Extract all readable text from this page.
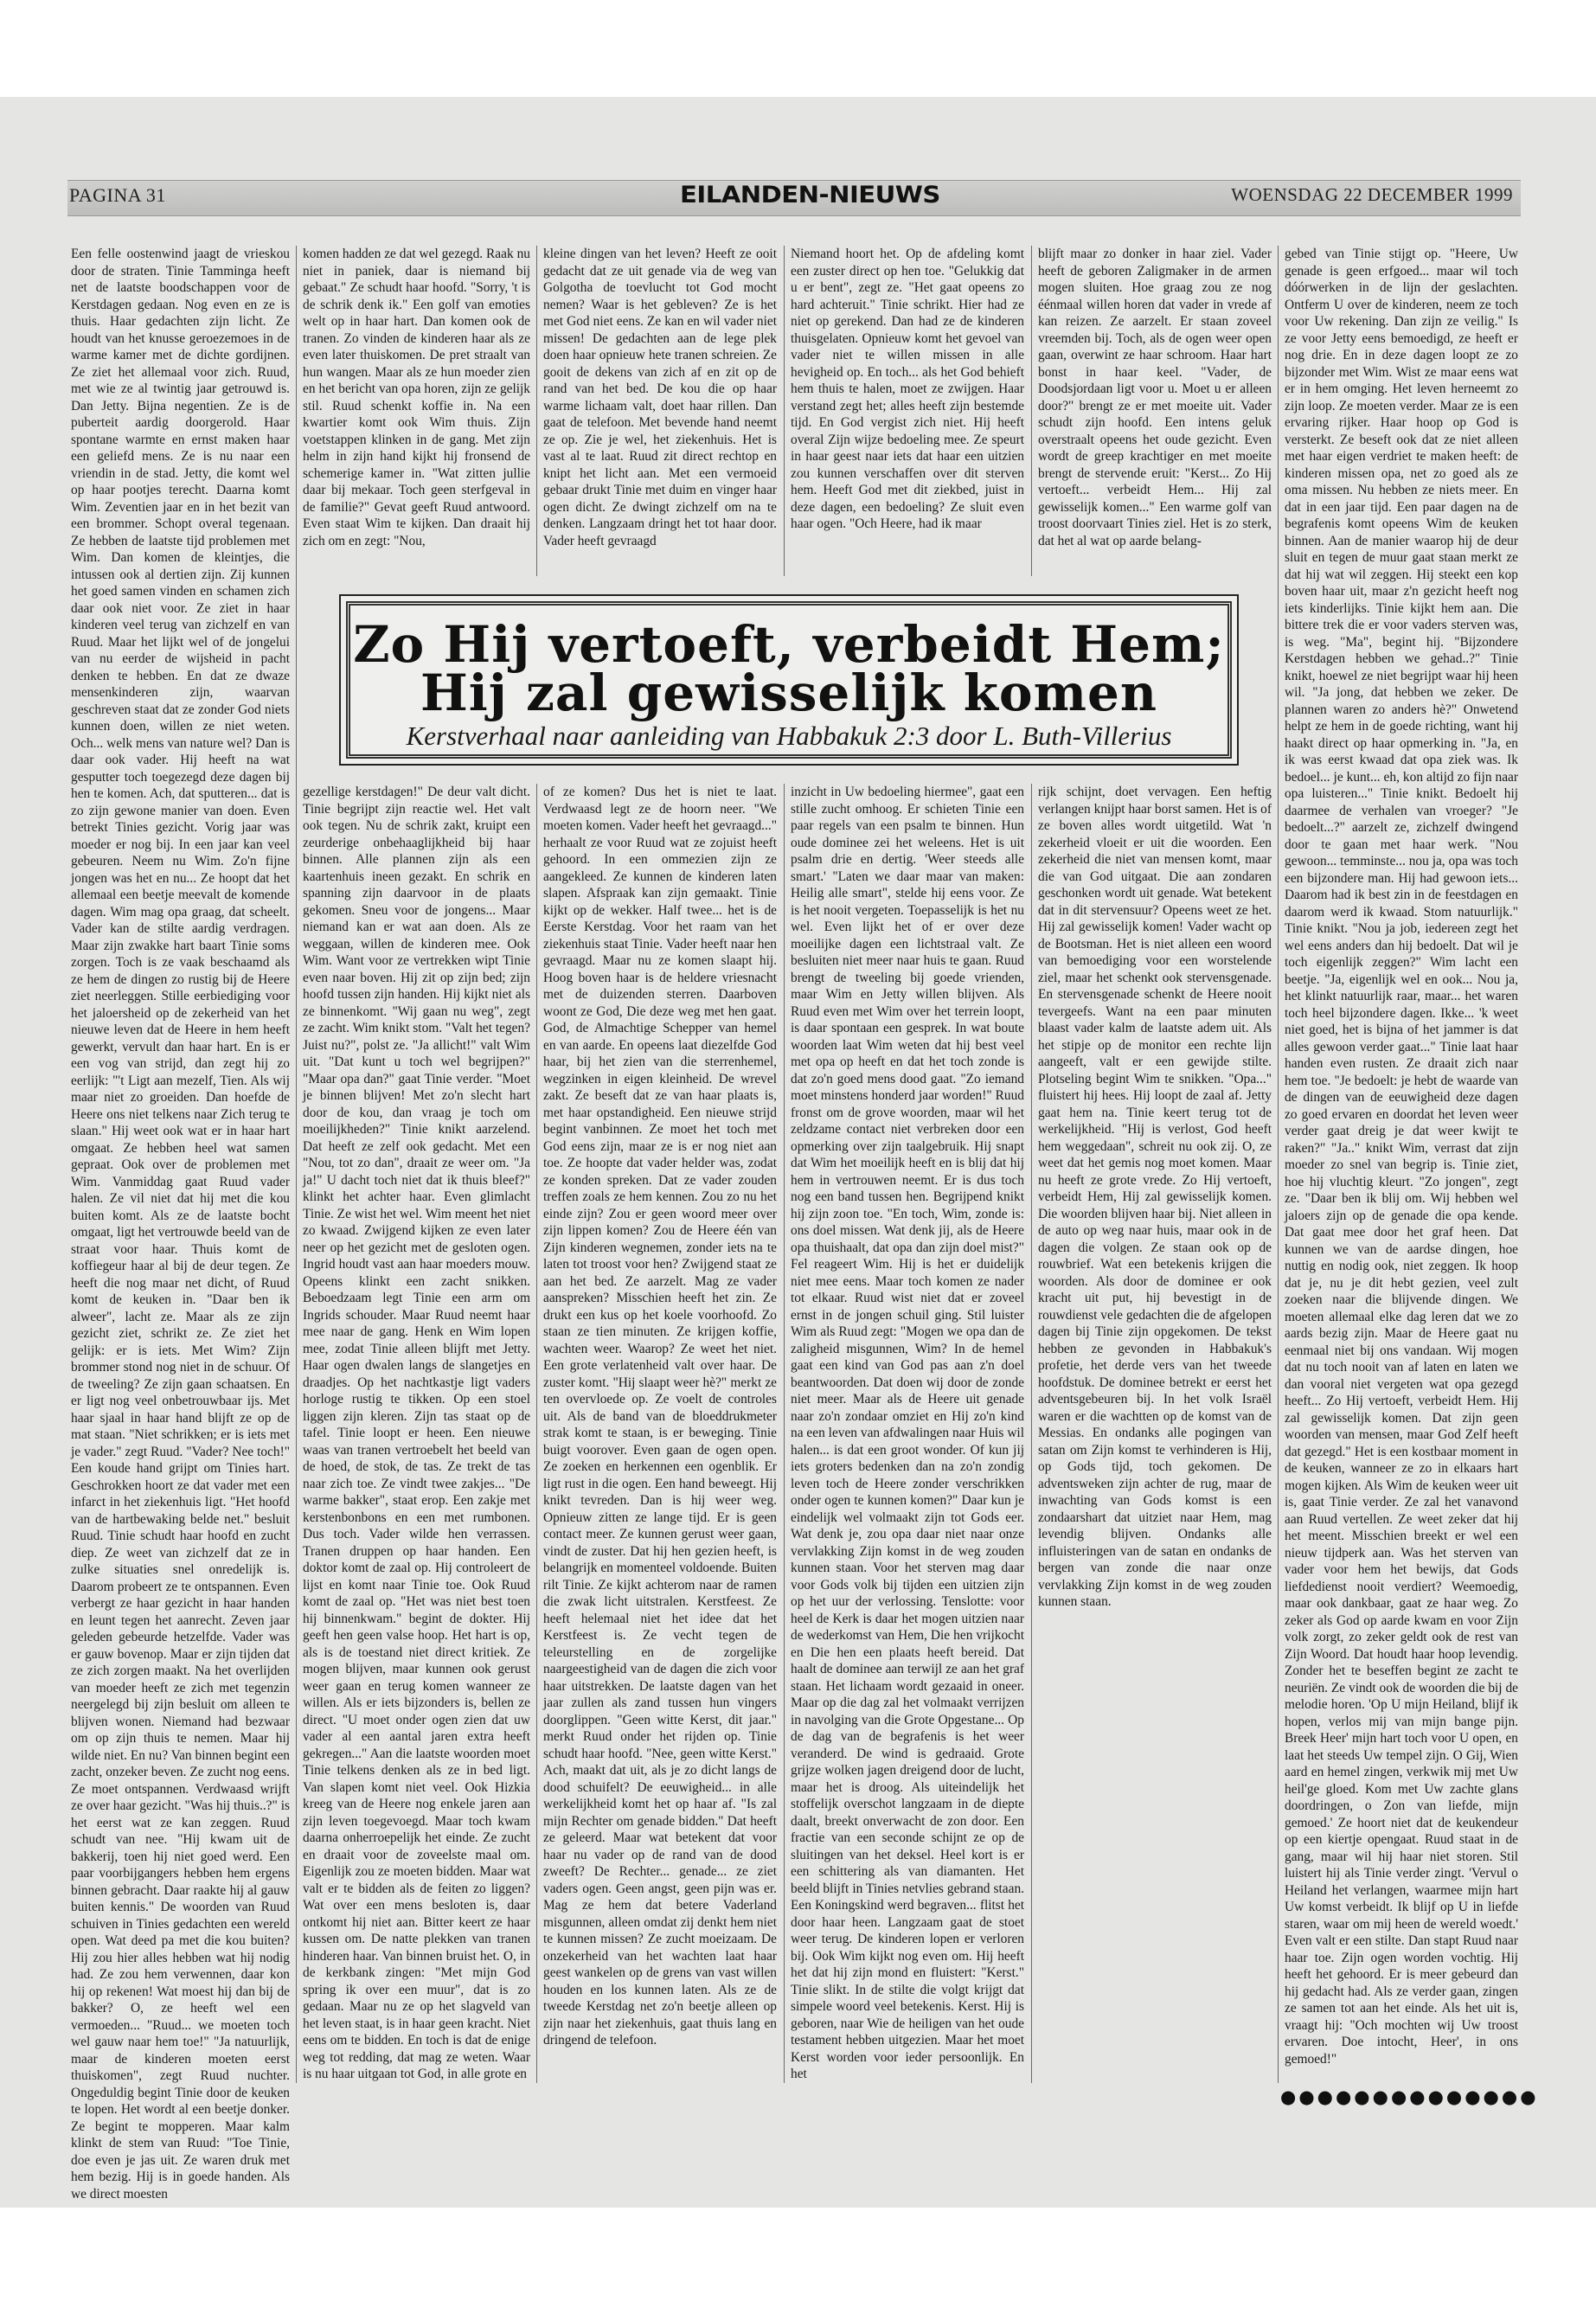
PAGINA 31	EILANDEN-NIEUWS	WOENSDAG 22 DECEMBER 1999
Een felle oostenwind jaagt de vrieskou door de straten. Tinie Tamminga heeft net de laatste boodschappen voor de Kerstdagen gedaan. Nog even en ze is thuis. Haar gedachten zijn licht. Ze houdt van het knusse geroezemoes in de warme kamer met de dichte gordijnen. Ze ziet het allemaal voor zich. Ruud, met wie ze al twintig jaar getrouwd is. Dan Jetty. Bijna negentien. Ze is de puberteit aardig doorgerold. Haar spontane warmte en ernst maken haar een geliefd mens. Ze is nu naar een vriendin in de stad. Jetty, die komt wel op haar pootjes terecht. Daarna komt Wim. Zeventien jaar en in het bezit van een brommer. Schopt overal tegenaan. Ze hebben de laatste tijd problemen met Wim. Dan komen de kleintjes, die intussen ook al dertien zijn. Zij kunnen het goed samen vinden en schamen zich daar ook niet voor. Ze ziet in haar kinderen veel terug van zichzelf en van Ruud. Maar het lijkt wel of de jongelui van nu eerder de wijsheid in pacht denken te hebben. En dat ze dwaze mensenkinderen zijn, waarvan geschreven staat dat ze zonder God niets kunnen doen, willen ze niet weten. Och... welk mens van nature wel? Dan is daar ook vader. Hij heeft na wat gesputter toch toegezegd deze dagen bij hen te komen. Ach, dat sputteren... dat is zo zijn gewone manier van doen. Even betrekt Tinies gezicht. Vorig jaar was moeder er nog bij. In een jaar kan veel gebeuren. Neem nu Wim. Zo'n fijne jongen was het en nu... Ze hoopt dat het allemaal een beetje meevalt de komende dagen. Wim mag opa graag, dat scheelt. Vader kan de stilte aardig verdragen. Maar zijn zwakke hart baart Tinie soms zorgen. Toch is ze vaak beschaamd als ze hem de dingen zo rustig bij de Heere ziet neerleggen. Stille eerbiediging voor het jaloersheid op de zekerheid van het nieuwe leven dat de Heere in hem heeft gewerkt, vervult dan haar hart. En is er een vog van strijd, dan zegt hij zo eerlijk: "'t Ligt aan mezelf, Tien. Als wij maar niet zo groeiden. Dan hoefde de Heere ons niet telkens naar Zich terug te slaan." Hij weet ook wat er in haar hart omgaat. Ze hebben heel wat samen gepraat. Ook over de problemen met Wim. Vanmiddag gaat Ruud vader halen. Ze vil niet dat hij met die kou buiten komt. Als ze de laatste bocht omgaat, ligt het vertrouwde beeld van de straat voor haar. Thuis komt de koffiegeur haar al bij de deur tegen. Ze heeft die nog maar net dicht, of Ruud komt de keuken in. "Daar ben ik alweer", lacht ze. Maar als ze zijn gezicht ziet, schrikt ze. Ze ziet het gelijk: er is iets. Met Wim? Zijn brommer stond nog niet in de schuur. Of de tweeling? Ze zijn gaan schaatsen. En er ligt nog veel onbetrouwbaar ijs. Met haar sjaal in haar hand blijft ze op de mat staan. "Niet schrikken; er is iets met je vader." zegt Ruud. "Vader? Nee toch!" Een koude hand grijpt om Tinies hart. Geschrokken hoort ze dat vader met een infarct in het ziekenhuis ligt. "Het hoofd van de hartbewaking belde net." besluit Ruud. Tinie schudt haar hoofd en zucht diep. Ze weet van zichzelf dat ze in zulke situaties snel onredelijk is. Daarom probeert ze te ontspannen. Even verbergt ze haar gezicht in haar handen en leunt tegen het aanrecht. Zeven jaar geleden gebeurde hetzelfde. Vader was er gauw bovenop. Maar er zijn tijden dat ze zich zorgen maakt. Na het overlijden van moeder heeft ze zich met tegenzin neergelegd bij zijn besluit om alleen te blijven wonen. Niemand had bezwaar om op zijn thuis te nemen. Maar hij wilde niet. En nu? Van binnen begint een zacht, onzeker beven. Ze zucht nog eens. Ze moet ontspannen. Verdwaasd wrijft ze over haar gezicht. "Was hij thuis..?" is het eerst wat ze kan zeggen. Ruud schudt van nee. "Hij kwam uit de bakkerij, toen hij niet goed werd. Een paar voorbijgangers hebben hem ergens binnen gebracht. Daar raakte hij al gauw buiten kennis." De woorden van Ruud schuiven in Tinies gedachten een wereld open. Wat deed pa met die kou buiten? Hij zou hier alles hebben wat hij nodig had. Ze zou hem verwennen, daar kon hij op rekenen! Wat moest hij dan bij de bakker? O, ze heeft wel een vermoeden... "Ruud... we moeten toch wel gauw naar hem toe!" "Ja natuurlijk, maar de kinderen moeten eerst thuiskomen", zegt Ruud nuchter. Ongeduldig begint Tinie door de keuken te lopen. Het wordt al een beetje donker. Ze begint te mopperen. Maar kalm klinkt de stem van Ruud: "Toe Tinie, doe even je jas uit. Ze waren druk met hem bezig. Hij is in goede handen. Als we direct moesten
komen hadden ze dat wel gezegd. Raak nu niet in paniek, daar is niemand bij gebaat." Ze schudt haar hoofd. "Sorry, 't is de schrik denk ik." Een golf van emoties welt op in haar hart. Dan komen ook de tranen. Zo vinden de kinderen haar als ze even later thuiskomen. De pret straalt van hun wangen. Maar als ze hun moeder zien en het bericht van opa horen, zijn ze gelijk stil. Ruud schenkt koffie in. Na een kwartier komt ook Wim thuis. Zijn voetstappen klinken in de gang. Met zijn helm in zijn hand kijkt hij fronsend de schemerige kamer in. "Wat zitten jullie daar bij mekaar. Toch geen sterfgeval in de familie?" Gevat geeft Ruud antwoord. Even staat Wim te kijken. Dan draait hij zich om en zegt: "Nou,
kleine dingen van het leven? Heeft ze ooit gedacht dat ze uit genade via de weg van Golgotha de toevlucht tot God mocht nemen? Waar is het gebleven? Ze is het met God niet eens. Ze kan en wil vader niet missen! De gedachten aan de lege plek doen haar opnieuw hete tranen schreien. Ze gooit de dekens van zich af en zit op de rand van het bed. De kou die op haar warme lichaam valt, doet haar rillen. Dan gaat de telefoon. Met bevende hand neemt ze op. Zie je wel, het ziekenhuis. Het is vast al te laat. Ruud zit direct rechtop en knipt het licht aan. Met een vermoeid gebaar drukt Tinie met duim en vinger haar ogen dicht. Ze dwingt zichzelf om na te denken. Langzaam dringt het tot haar door. Vader heeft gevraagd
Niemand hoort het. Op de afdeling komt een zuster direct op hen toe. "Gelukkig dat u er bent", zegt ze. "Het gaat opeens zo hard achteruit." Tinie schrikt. Hier had ze niet op gerekend. Dan had ze de kinderen thuisgelaten. Opnieuw komt het gevoel van vader niet te willen missen in alle hevigheid op. En toch... als het God behieft hem thuis te halen, moet ze zwijgen. Haar verstand zegt het; alles heeft zijn bestemde tijd. En God vergist zich niet. Hij heeft overal Zijn wijze bedoeling mee. Ze speurt in haar geest naar iets dat haar een uitzien zou kunnen verschaffen over dit sterven hem. Heeft God met dit ziekbed, juist in deze dagen, een bedoeling? Ze sluit even haar ogen. "Och Heere, had ik maar
blijft maar zo donker in haar ziel. Vader heeft de geboren Zaligmaker in de armen mogen sluiten. Hoe graag zou ze nog éénmaal willen horen dat vader in vrede af kan reizen. Ze aarzelt. Er staan zoveel vreemden bij. Toch, als de ogen weer open gaan, overwint ze haar schroom. Haar hart bonst in haar keel. "Vader, de Doodsjordaan ligt voor u. Moet u er alleen door?" brengt ze er met moeite uit. Vader schudt zijn hoofd. Een intens geluk overstraalt opeens het oude gezicht. Even wordt de greep krachtiger en met moeite brengt de stervende eruit: "Kerst... Zo Hij vertoeft... verbeidt Hem... Hij zal gewisselijk komen..." Een warme golf van troost doorvaart Tinies ziel. Het is zo sterk, dat het al wat op aarde belang-
gebed van Tinie stijgt op. "Heere, Uw genade is geen erfgoed... maar wil toch dóórwerken in de lijn der geslachten. Ontferm U over de kinderen, neem ze toch voor Uw rekening. Dan zijn ze veilig." Is ze voor Jetty eens bemoedigd, ze heeft er nog drie. En in deze dagen loopt ze zo bijzonder met Wim. Wist ze maar eens wat er in hem omging. Het leven herneemt zo zijn loop. Ze moeten verder. Maar ze is een ervaring rijker. Haar hoop op God is versterkt. Ze beseft ook dat ze niet alleen met haar eigen verdriet te maken heeft: de kinderen missen opa, net zo goed als ze oma missen. Nu hebben ze niets meer. En dat in een jaar tijd. Een paar dagen na de begrafenis komt opeens Wim de keuken binnen. Aan de manier waarop hij de deur sluit en tegen de muur gaat staan merkt ze dat hij wat wil zeggen. Hij steekt een kop boven haar uit, maar z'n gezicht heeft nog iets kinderlijks. Tinie kijkt hem aan. Die bittere trek die er voor vaders sterven was, is weg. "Ma", begint hij. "Bijzondere Kerstdagen hebben we gehad..?" Tinie knikt, hoewel ze niet begrijpt waar hij heen wil. "Ja jong, dat hebben we zeker. De plannen waren zo anders hè?" Onwetend helpt ze hem in de goede richting, want hij haakt direct op haar opmerking in. "Ja, en ik was eerst kwaad dat opa ziek was. Ik bedoel... je kunt... eh, kon altijd zo fijn naar opa luisteren..." Tinie knikt. Bedoelt hij daarmee de verhalen van vroeger? "Je bedoelt...?" aarzelt ze, zichzelf dwingend door te gaan met haar werk. "Nou gewoon... temminste... nou ja, opa was toch een bijzondere man. Hij had gewoon iets... Daarom had ik best zin in de feestdagen en daarom werd ik kwaad. Stom natuurlijk." Tinie knikt. "Nou ja job, iedereen zegt het wel eens anders dan hij bedoelt. Dat wil je toch eigenlijk zeggen?" Wim lacht een beetje. "Ja, eigenlijk wel en ook... Nou ja, het klinkt natuurlijk raar, maar... het waren toch heel bijzondere dagen. Ikke... 'k weet niet goed, het is bijna of het jammer is dat alles gewoon verder gaat..." Tinie laat haar handen even rusten. Ze draait zich naar hem toe. "Je bedoelt: je hebt de waarde van de dingen van de eeuwigheid deze dagen zo goed ervaren en doordat het leven weer verder gaat dreig je dat weer kwijt te raken?" "Ja.." knikt Wim, verrast dat zijn moeder zo snel van begrip is. Tinie ziet, hoe hij vluchtig kleurt. "Zo jongen", zegt ze. "Daar ben ik blij om. Wij hebben wel jaloers zijn op de genade die opa kende. Dat gaat mee door het graf heen. Dat kunnen we van de aardse dingen, hoe nuttig en nodig ook, niet zeggen. Ik hoop dat je, nu je dit hebt gezien, veel zult zoeken naar die blijvende dingen. We moeten allemaal elke dag leren dat we zo aards bezig zijn. Maar de Heere gaat nu eenmaal niet bij ons vandaan. Wij mogen dat nu toch nooit van af laten en laten we dan vooral niet vergeten wat opa gezegd heeft... Zo Hij vertoeft, verbeidt Hem. Hij zal gewisselijk komen. Dat zijn geen woorden van mensen, maar God Zelf heeft dat gezegd." Het is een kostbaar moment in de keuken, wanneer ze zo in elkaars hart mogen kijken. Als Wim de keuken weer uit is, gaat Tinie verder. Ze zal het vanavond aan Ruud vertellen. Ze weet zeker dat hij het meent. Misschien breekt er wel een nieuw tijdperk aan. Was het sterven van vader voor hem het bewijs, dat Gods liefdedienst nooit verdiert? Weemoedig, maar ook dankbaar, gaat ze haar weg. Zo zeker als God op aarde kwam en voor Zijn volk zorgt, zo zeker geldt ook de rest van Zijn Woord. Dat houdt haar hoop levendig. Zonder het te beseffen begint ze zacht te neuriën. Ze vindt ook de woorden die bij de melodie horen. 'Op U mijn Heiland, blijf ik hopen, verlos mij van mijn bange pijn. Breek Heer' mijn hart toch voor U open, en laat het steeds Uw tempel zijn. O Gij, Wien aard en hemel zingen, verkwik mij met Uw heil'ge gloed. Kom met Uw zachte glans doordringen, o Zon van liefde, mijn gemoed.' Ze hoort niet dat de keukendeur op een kiertje opengaat. Ruud staat in de gang, maar wil hij haar niet storen. Stil luistert hij als Tinie verder zingt. 'Vervul o Heiland het verlangen, waarmee mijn hart Uw komst verbeidt. Ik blijf op U in liefde staren, waar om mij heen de wereld woedt.' Even valt er een stilte. Dan stapt Ruud naar haar toe. Zijn ogen worden vochtig. Hij heeft het gehoord. Er is meer gebeurd dan hij gedacht had. Als ze verder gaan, zingen ze samen tot aan het einde. Als het uit is, vraagt hij: "Och mochten wij Uw troost ervaren. Doe intocht, Heer', in ons gemoed!"
Zo Hij vertoeft, verbeidt Hem;
Hij zal gewisselijk komen
Kerstverhaal naar aanleiding van Habbakuk 2:3 door L. Buth-Villerius
gezellige kerstdagen!" De deur valt dicht. Tinie begrijpt zijn reactie wel. Het valt ook tegen. Nu de schrik zakt, kruipt een zeurderige onbehaaglijkheid bij haar binnen. Alle plannen zijn als een kaartenhuis ineen gezakt. En schrik en spanning zijn daarvoor in de plaats gekomen. Sneu voor de jongens... Maar niemand kan er wat aan doen. Als ze weggaan, willen de kinderen mee. Ook Wim. Want voor ze vertrekken wipt Tinie even naar boven. Hij zit op zijn bed; zijn hoofd tussen zijn handen. Hij kijkt niet als ze binnenkomt. "Wij gaan nu weg", zegt ze zacht. Wim knikt stom. "Valt het tegen? Juist nu?", polst ze. "Ja allicht!" valt Wim uit. "Dat kunt u toch wel begrijpen?" "Maar opa dan?" gaat Tinie verder. "Moet je binnen blijven! Met zo'n slecht hart door de kou, dan vraag je toch om moeilijkheden?" Tinie knikt aarzelend. Dat heeft ze zelf ook gedacht. Met een "Nou, tot zo dan", draait ze weer om. "Ja ja!" U dacht toch niet dat ik thuis bleef?" klinkt het achter haar. Even glimlacht Tinie. Ze wist het wel. Wim meent het niet zo kwaad. Zwijgend kijken ze even later neer op het gezicht met de gesloten ogen. Ingrid houdt vast aan haar moeders mouw. Opeens klinkt een zacht snikken. Beboedzaam legt Tinie een arm om Ingrids schouder. Maar Ruud neemt haar mee naar de gang. Henk en Wim lopen mee, zodat Tinie alleen blijft met Jetty. Haar ogen dwalen langs de slangetjes en draadjes. Op het nachtkastje ligt vaders horloge rustig te tikken. Op een stoel liggen zijn kleren. Zijn tas staat op de tafel. Tinie loopt er heen. Een nieuwe waas van tranen vertroebelt het beeld van de hoed, de stok, de tas. Ze trekt de tas naar zich toe. Ze vindt twee zakjes... "De warme bakker", staat erop. Een zakje met kerstenbonbons en een met rumbonen. Dus toch. Vader wilde hen verrassen. Tranen druppen op haar handen. Een doktor komt de zaal op. Hij controleert de lijst en komt naar Tinie toe. Ook Ruud komt de zaal op. "Het was niet best toen hij binnenkwam." begint de dokter. Hij geeft hen geen valse hoop. Het hart is op, als is de toestand niet direct kritiek. Ze mogen blijven, maar kunnen ook gerust weer gaan en terug komen wanneer ze willen. Als er iets bijzonders is, bellen ze direct. "U moet onder ogen zien dat uw vader al een aantal jaren extra heeft gekregen..." Aan die laatste woorden moet Tinie telkens denken als ze in bed ligt. Van slapen komt niet veel. Ook Hizkia kreeg van de Heere nog enkele jaren aan zijn leven toegevoegd. Maar toch kwam daarna onherroepelijk het einde. Ze zucht en draait voor de zoveelste maal om. Eigenlijk zou ze moeten bidden. Maar wat valt er te bidden als de feiten zo liggen? Wat over een mens besloten is, daar ontkomt hij niet aan. Bitter keert ze haar kussen om. De natte plekken van tranen hinderen haar. Van binnen bruist het. O, in de kerkbank zingen: "Met mijn God spring ik over een muur", dat is zo gedaan. Maar nu ze op het slagveld van het leven staat, is in haar geen kracht. Niet eens om te bidden. En toch is dat de enige weg tot redding, dat mag ze weten. Waar is nu haar uitgaan tot God, in alle grote en
of ze komen? Dus het is niet te laat. Verdwaasd legt ze de hoorn neer. "We moeten komen. Vader heeft het gevraagd..." herhaalt ze voor Ruud wat ze zojuist heeft gehoord. In een ommezien zijn ze aangekleed. Ze kunnen de kinderen laten slapen. Afspraak kan zijn gemaakt. Tinie kijkt op de wekker. Half twee... het is de Eerste Kerstdag. Voor het raam van het ziekenhuis staat Tinie. Vader heeft naar hen gevraagd. Maar nu ze komen slaapt hij. Hoog boven haar is de heldere vriesnacht met de duizenden sterren. Daarboven woont ze God, Die deze weg met hen gaat. God, de Almachtige Schepper van hemel en van aarde. En opeens laat diezelfde God haar, bij het zien van die sterrenhemel, wegzinken in eigen kleinheid. De wrevel zakt. Ze beseft dat ze van haar plaats is, met haar opstandigheid. Een nieuwe strijd begint vanbinnen. Ze moet het toch met God eens zijn, maar ze is er nog niet aan toe. Ze hoopte dat vader helder was, zodat ze konden spreken. Dat ze vader zouden treffen zoals ze hem kennen. Zou zo nu het einde zijn? Zou er geen woord meer over zijn lippen komen? Zou de Heere één van Zijn kinderen wegnemen, zonder iets na te laten tot troost voor hen? Zwijgend staat ze aan het bed. Ze aarzelt. Mag ze vader aanspreken? Misschien heeft het zin. Ze drukt een kus op het koele voorhoofd. Zo staan ze tien minuten. Ze krijgen koffie, wachten weer. Waarop? Ze weet het niet. Een grote verlatenheid valt over haar. De zuster komt. "Hij slaapt weer hè?" merkt ze ten overvloede op. Ze voelt de controles uit. Als de band van de bloeddrukmeter strak komt te staan, is er beweging. Tinie buigt voorover. Even gaan de ogen open. Ze zoeken en herkennen een ogenblik. Er ligt rust in die ogen. Een hand beweegt. Hij knikt tevreden. Dan is hij weer weg. Opnieuw zitten ze lange tijd. Er is geen contact meer. Ze kunnen gerust weer gaan, vindt de zuster. Dat hij hen gezien heeft, is belangrijk en momenteel voldoende. Buiten rilt Tinie. Ze kijkt achterom naar de ramen die zwak licht uitstralen. Kerstfeest. Ze heeft helemaal niet het idee dat het Kerstfeest is. Ze vecht tegen de teleurstelling en de zorgelijke naargeestigheid van de dagen die zich voor haar uitstrekken. De laatste dagen van het jaar zullen als zand tussen hun vingers doorglippen. "Geen witte Kerst, dit jaar." merkt Ruud onder het rijden op. Tinie schudt haar hoofd. "Nee, geen witte Kerst." Ach, maakt dat uit, als je zo dicht langs de dood schuifelt? De eeuwigheid... in alle werkelijkheid komt het op haar af. "Is zal mijn Rechter om genade bidden." Dat heeft ze geleerd. Maar wat betekent dat voor haar nu vader op de rand van de dood zweeft? De Rechter... genade... ze ziet vaders ogen. Geen angst, geen pijn was er. Mag ze hem dat betere Vaderland misgunnen, alleen omdat zij denkt hem niet te kunnen missen? Ze zucht moeizaam. De onzekerheid van het wachten laat haar geest wankelen op de grens van vast willen houden en los kunnen laten. Als ze de tweede Kerstdag net zo'n beetje alleen op zijn naar het ziekenhuis, gaat thuis lang en dringend de telefoon.
inzicht in Uw bedoeling hiermee", gaat een stille zucht omhoog. Er schieten Tinie een paar regels van een psalm te binnen. Hun oude dominee zei het weleens. Het is uit psalm drie en dertig. 'Weer steeds alle smart.' "Laten we daar maar van maken: Heilig alle smart", stelde hij eens voor. Ze is het nooit vergeten. Toepasselijk is het nu wel. Even lijkt het of er over deze moeilijke dagen een lichtstraal valt. Ze besluiten niet meer naar huis te gaan. Ruud brengt de tweeling bij goede vrienden, maar Wim en Jetty willen blijven. Als Ruud even met Wim over het terrein loopt, is daar spontaan een gesprek. In wat boute woorden laat Wim weten dat hij best veel met opa op heeft en dat het toch zonde is dat zo'n goed mens dood gaat. "Zo iemand moet minstens honderd jaar worden!" Ruud fronst om de grove woorden, maar wil het zeldzame contact niet verbreken door een opmerking over zijn taalgebruik. Hij snapt dat Wim het moeilijk heeft en is blij dat hij hem in vertrouwen neemt. Er is dus toch nog een band tussen hen. Begrijpend knikt hij zijn zoon toe. "En toch, Wim, zonde is: ons doel missen. Wat denk jij, als de Heere opa thuishaalt, dat opa dan zijn doel mist?" Fel reageert Wim. Hij is het er duidelijk niet mee eens. Maar toch komen ze nader tot elkaar. Ruud wist niet dat er zoveel ernst in de jongen schuil ging. Stil luister Wim als Ruud zegt: "Mogen we opa dan de zaligheid misgunnen, Wim? In de hemel gaat een kind van God pas aan z'n doel beantwoorden. Dat doen wij door de zonde niet meer. Maar als de Heere uit genade naar zo'n zondaar omziet en Hij zo'n kind na een leven van afdwalingen naar Huis wil halen... is dat een groot wonder. Of kun jij iets groters bedenken dan na zo'n zondig leven toch de Heere zonder verschrikken onder ogen te kunnen komen?" Daar kun je eindelijk wel volmaakt zijn tot Gods eer. Wat denk je, zou opa daar niet naar onze vervlakking Zijn komst in de weg zouden kunnen staan. Voor het sterven mag daar voor Gods volk bij tijden een uitzien zijn op het uur der verlossing. Tenslotte: voor heel de Kerk is daar het mogen uitzien naar de wederkomst van Hem, Die hen vrijkocht en Die hen een plaats heeft bereid. Dat haalt de dominee aan terwijl ze aan het graf staan. Het lichaam wordt gezaaid in oneer. Maar op die dag zal het volmaakt verrijzen in navolging van die Grote Opgestane... Op de dag van de begrafenis is het weer veranderd. De wind is gedraaid. Grote grijze wolken jagen dreigend door de lucht, maar het is droog. Als uiteindelijk het stoffelijk overschot langzaam in de diepte daalt, breekt onverwacht de zon door. Een fractie van een seconde schijnt ze op de sluitingen van het deksel. Heel kort is er een schittering als van diamanten. Het beeld blijft in Tinies netvlies gebrand staan. Een Koningskind werd begraven... flitst het door haar heen. Langzaam gaat de stoet weer terug. De kinderen lopen er verloren bij. Ook Wim kijkt nog even om. Hij heeft het dat hij zijn mond en fluistert: "Kerst." Tinie slikt. In de stilte die volgt krijgt dat simpele woord veel betekenis. Kerst. Hij is geboren, naar Wie de heiligen van het oude testament hebben uitgezien. Maar het moet Kerst worden voor ieder persoonlijk. En het
rijk schijnt, doet vervagen. Een heftig verlangen knijpt haar borst samen. Het is of ze boven alles wordt uitgetild. Wat 'n zekerheid vloeit er uit die woorden. Een zekerheid die niet van mensen komt, maar die van God uitgaat. Die aan zondaren geschonken wordt uit genade. Wat betekent dat in dit stervensuur? Opeens weet ze het. Hij zal gewisselijk komen! Vader wacht op de Bootsman. Het is niet alleen een woord van bemoediging voor een worstelende ziel, maar het schenkt ook stervensgenade. En stervensgenade schenkt de Heere nooit tevergeefs. Want na een paar minuten blaast vader kalm de laatste adem uit. Als het stipje op de monitor een rechte lijn aangeeft, valt er een gewijde stilte. Plotseling begint Wim te snikken. "Opa..." fluistert hij hees. Hij loopt de zaal af. Jetty gaat hem na. Tinie keert terug tot de werkelijkheid. "Hij is verlost, God heeft hem weggedaan", schreit nu ook zij. O, ze weet dat het gemis nog moet komen. Maar nu heeft ze grote vrede. Zo Hij vertoeft, verbeidt Hem, Hij zal gewisselijk komen. Die woorden blijven haar bij. Niet alleen in de auto op weg naar huis, maar ook in de dagen die volgen. Ze staan ook op de rouwbrief. Wat een betekenis krijgen die woorden. Als door de dominee er ook kracht uit put, hij bevestigt in de rouwdienst vele gedachten die de afgelopen dagen bij Tinie zijn opgekomen. De tekst hebben ze gevonden in Habbakuk's profetie, het derde vers van het tweede hoofdstuk. De dominee betrekt er eerst het adventsgebeuren bij. In het volk Israël waren er die wachtten op de komst van de Messias. En ondanks alle pogingen van satan om Zijn komst te verhinderen is Hij, op Gods tijd, toch gekomen. De adventsweken zijn achter de rug, maar de inwachting van Gods komst is een zondaarshart dat uitziet naar Hem, mag levendig blijven. Ondanks alle influisteringen van de satan en ondanks de bergen van zonde die naar onze vervlakking Zijn komst in de weg zouden kunnen staan.
●●●●●●●●●●●●●●
